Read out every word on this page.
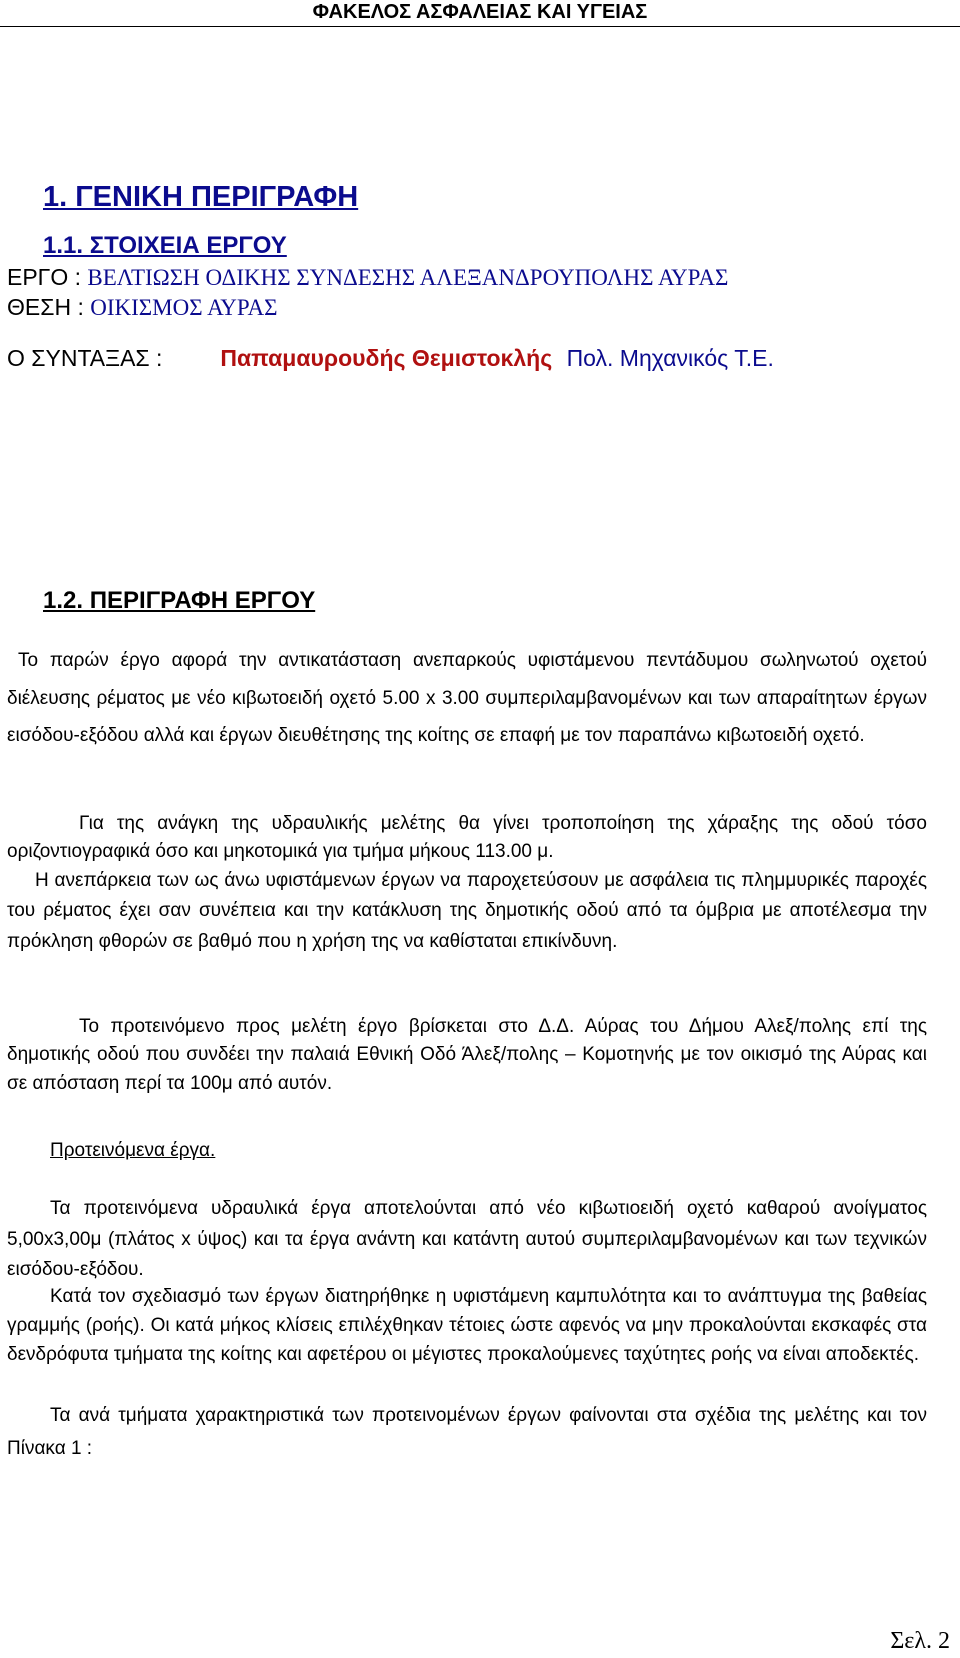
ΦΑΚΕΛΟΣ ΑΣΦΑΛΕΙΑΣ ΚΑΙ ΥΓΕΙΑΣ
1. ΓΕΝΙΚΗ ΠΕΡΙΓΡΑΦΗ
1.1. ΣΤΟΙΧΕΙΑ ΕΡΓΟΥ
ΕΡΓΟ : ΒΕΛΤΙΩΣΗ ΟΔΙΚΗΣ ΣΥΝΔΕΣΗΣ ΑΛΕΞΑΝΔΡΟΥΠΟΛΗΣ ΑΥΡΑΣ
ΘΕΣΗ : ΟΙΚΙΣΜΟΣ ΑΥΡΑΣ
Ο ΣΥΝΤΑΞΑΣ :	Παπαμαυρουδής Θεμιστοκλής Πολ. Μηχανικός Τ.Ε.
1.2. ΠΕΡΙΓΡΑΦΗ ΕΡΓΟΥ

Το παρών έργο αφορά την αντικατάσταση ανεπαρκούς υφιστάμενου πεντάδυμου σωληνωτού οχετού διέλευσης ρέματος με νέο κιβωτοειδή οχετό 5.00 x 3.00 συμπεριλαμβανομένων και των απαραίτητων έργων εισόδου-εξόδου αλλά και έργων διευθέτησης της κοίτης σε επαφή με τον παραπάνω κιβωτοειδή οχετό.

Για της ανάγκη της υδραυλικής μελέτης θα γίνει τροποποίηση της χάραξης της οδού τόσο οριζοντιογραφικά όσο και μηκοτομικά για τμήμα μήκους 113.00 μ.

Η ανεπάρκεια των ως άνω υφιστάμενων έργων να παροχετεύσουν με ασφάλεια τις πλημμυρικές παροχές του ρέματος έχει σαν συνέπεια και την κατάκλυση της δημοτικής οδού από τα όμβρια με αποτέλεσμα την πρόκληση φθορών σε βαθμό που η χρήση της να καθίσταται επικίνδυνη.

Το προτεινόμενο προς μελέτη έργο βρίσκεται στο Δ.Δ. Αύρας του Δήμου Αλεξ/πολης επί της δημοτικής οδού που συνδέει την παλαιά Εθνική Οδό Άλεξ/πολης – Κομοτηνής με τον οικισμό της Αύρας και σε απόσταση περί τα 100μ από αυτόν.

Προτεινόμενα έργα.

Τα προτεινόμενα υδραυλικά έργα αποτελούνται από νέο κιβωτιοειδή οχετό καθαρού ανοίγματος 5,00x3,00μ (πλάτος x ύψος) και τα έργα ανάντη και κατάντη αυτού συμπεριλαμβανομένων και των τεχνικών εισόδου-εξόδου.

Κατά τον σχεδιασμό των έργων διατηρήθηκε η υφιστάμενη καμπυλότητα και το ανάπτυγμα της βαθείας γραμμής (ροής). Οι κατά μήκος κλίσεις επιλέχθηκαν τέτοιες ώστε αφενός να μην προκαλούνται εκσκαφές στα δενδρόφυτα τμήματα της κοίτης και αφετέρου οι μέγιστες προκαλούμενες ταχύτητες ροής να είναι αποδεκτές.

Τα ανά τμήματα χαρακτηριστικά των προτεινομένων έργων φαίνονται στα σχέδια της μελέτης και τον Πίνακα 1 :

Σελ. 2
